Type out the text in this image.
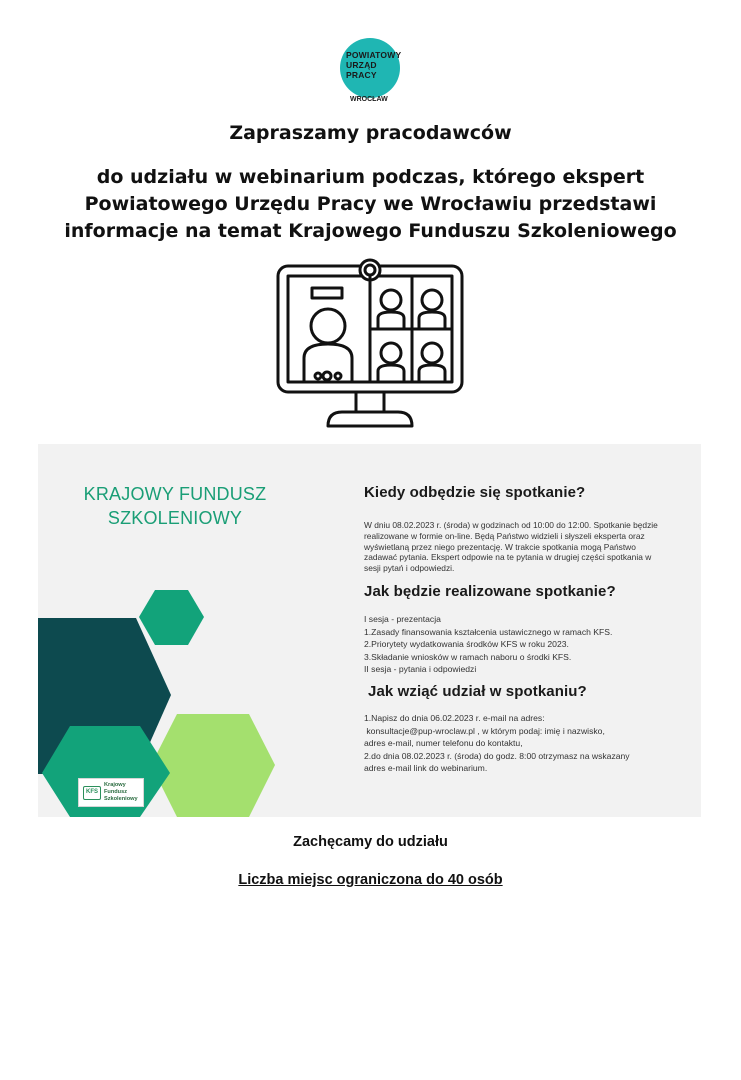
POWIATOWY
URZĄD
PRACY
WROCŁAW
Zapraszamy pracodawców
do udziału w webinarium podczas, którego ekspert Powiatowego Urzędu Pracy we Wrocławiu przedstawi informacje na temat Krajowego Funduszu Szkoleniowego
KRAJOWY FUNDUSZ SZKOLENIOWY
KFS
Krajowy
Fundusz
Szkoleniowy
Kiedy odbędzie się spotkanie?
W dniu 08.02.2023 r. (środa) w godzinach od 10:00 do 12:00. Spotkanie będzie realizowane w formie on-line. Będą Państwo widzieli i słyszeli eksperta oraz wyświetlaną przez niego prezentację. W trakcie spotkania mogą Państwo zadawać pytania. Ekspert odpowie na te pytania w drugiej części spotkania w sesji pytań i odpowiedzi.
Jak będzie realizowane spotkanie?
I sesja - prezentacja
1.Zasady finansowania kształcenia ustawicznego w ramach KFS.
2.Priorytety wydatkowania środków KFS w roku 2023.
3.Składanie wniosków w ramach naboru o środki KFS.
II sesja - pytania i odpowiedzi
Jak wziąć udział w spotkaniu?
1.Napisz do dnia 06.02.2023 r. e-mail na adres:
konsultacje@pup-wroclaw.pl , w którym podaj: imię i nazwisko,
adres e-mail, numer telefonu do kontaktu,
2.do dnia 08.02.2023 r. (środa) do godz. 8:00 otrzymasz na wskazany
adres e-mail link do webinarium.
Zachęcamy do udziału
Liczba miejsc ograniczona do 40 osób
